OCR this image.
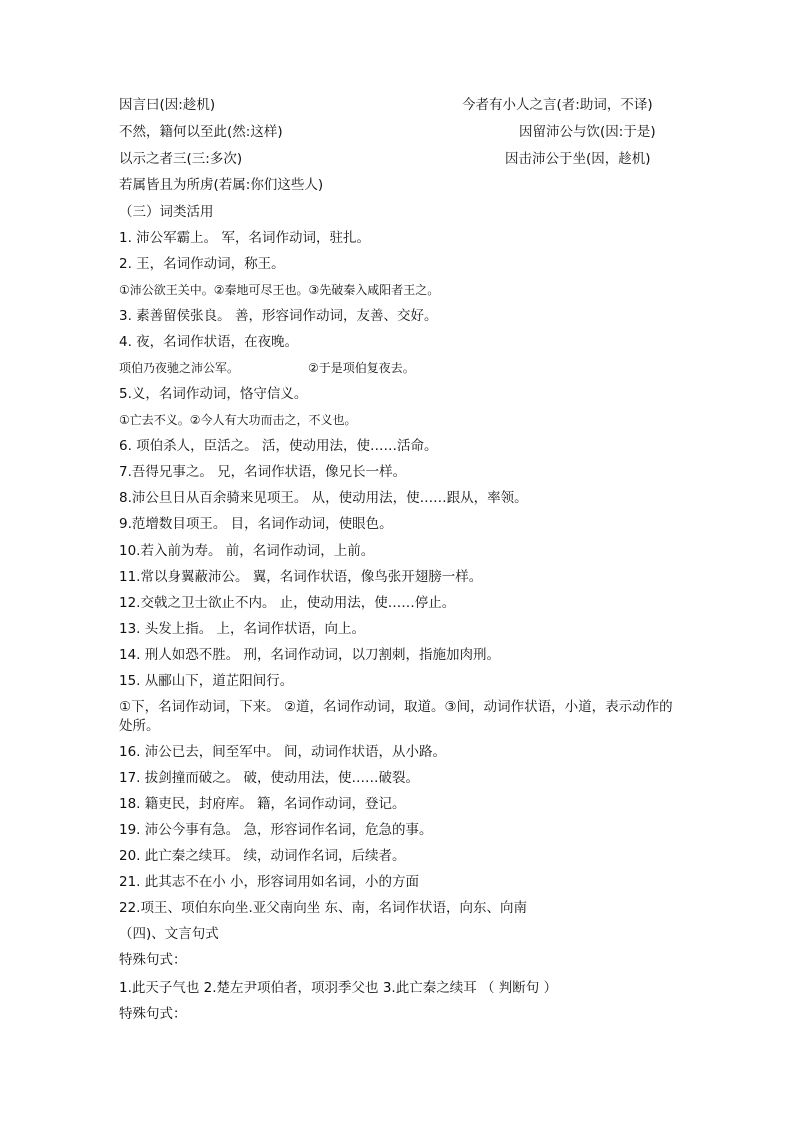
因言曰(因:趁机)	今者有小人之言(者:助词，不译)
不然，籍何以至此(然:这样)	因留沛公与饮(因:于是)
以示之者三(三:多次)	因击沛公于坐(因，趁机)
若属皆且为所虏(若属:你们这些人)
（三）词类活用
1. 沛公军霸上。 军，名词作动词，驻扎。
2. 王，名词作动词，称王。
①沛公欲王关中。②秦地可尽王也。③先破秦入咸阳者王之。
3. 素善留侯张良。 善，形容词作动词，友善、交好。
4. 夜，名词作状语，在夜晚。
项伯乃夜驰之沛公军。	②于是项伯复夜去。
5.义，名词作动词，恪守信义。
①亡去不义。②今人有大功而击之，不义也。
6. 项伯杀人，臣活之。 活，使动用法，使……活命。
7.吾得兄事之。 兄，名词作状语，像兄长一样。
8.沛公旦日从百余骑来见项王。 从，使动用法，使……跟从，率领。
9.范增数目项王。 目，名词作动词，使眼色。
10.若入前为寿。 前，名词作动词，上前。
11.常以身翼蔽沛公。 翼，名词作状语，像鸟张开翅膀一样。
12.交戟之卫士欲止不内。 止，使动用法，使……停止。
13. 头发上指。 上，名词作状语，向上。
14. 刑人如恐不胜。 刑，名词作动词，以刀割刺，指施加肉刑。
15. 从郦山下，道芷阳间行。
①下，名词作动词，下来。 ②道，名词作动词，取道。③间，动词作状语，小道，表示动作的处所。
16. 沛公已去，间至军中。 间，动词作状语，从小路。
17. 拔剑撞而破之。 破，使动用法，使……破裂。
18. 籍吏民，封府库。 籍，名词作动词，登记。
19. 沛公今事有急。 急，形容词作名词，危急的事。
20. 此亡秦之续耳。 续，动词作名词，后续者。
21. 此其志不在小 小，形容词用如名词，小的方面
22.项王、项伯东向坐.亚父南向坐 东、南，名词作状语，向东、向南
（四)、文言句式
特殊句式：
1.此天子气也 2.楚左尹项伯者，项羽季父也 3.此亡秦之续耳 （ 判断句 ）
特殊句式：
